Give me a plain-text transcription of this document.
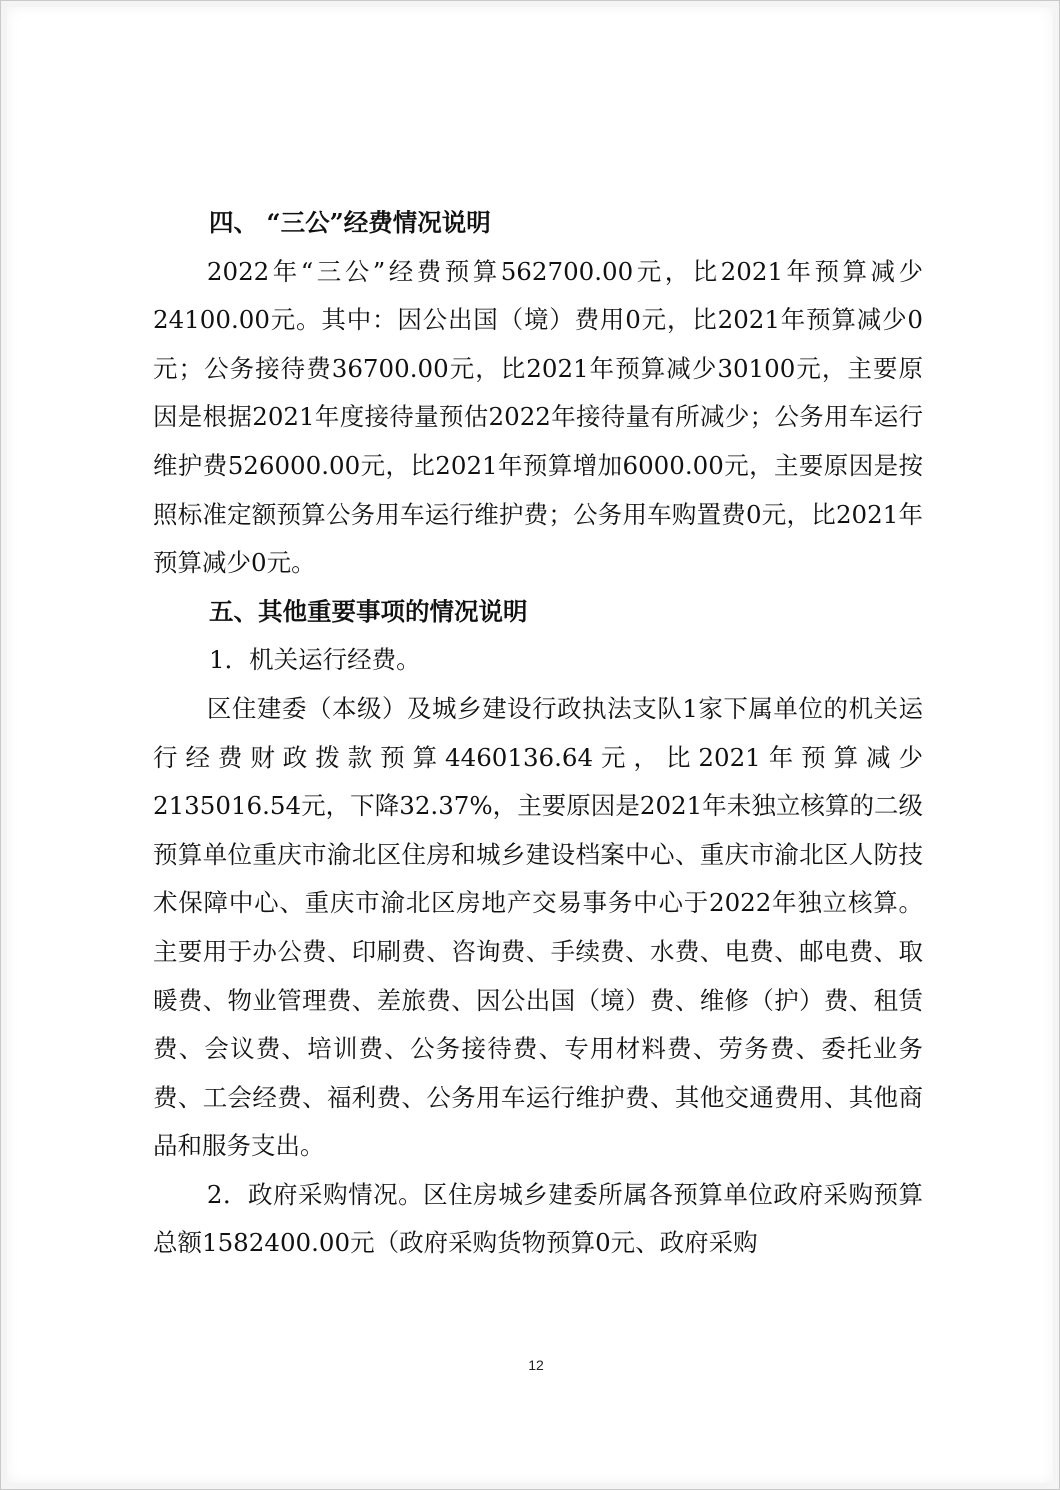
四、 “三公”经费情况说明

2022年“三公”经费预算562700.00元，比2021年预算减少24100.00元。其中：因公出国（境）费用0元，比2021年预算减少0元；公务接待费36700.00元，比2021年预算减少30100元，主要原因是根据2021年度接待量预估2022年接待量有所减少；公务用车运行维护费526000.00元，比2021年预算增加6000.00元，主要原因是按照标准定额预算公务用车运行维护费；公务用车购置费0元，比2021年预算减少0元。

五、其他重要事项的情况说明
1．机关运行经费。

区住建委（本级）及城乡建设行政执法支队1家下属单位的机关运行经费财政拨款预算4460136.64元，比2021年预算减少2135016.54元，下降32.37%，主要原因是2021年未独立核算的二级预算单位重庆市渝北区住房和城乡建设档案中心、重庆市渝北区人防技术保障中心、重庆市渝北区房地产交易事务中心于2022年独立核算。主要用于办公费、印刷费、咨询费、手续费、水费、电费、邮电费、取暖费、物业管理费、差旅费、因公出国（境）费、维修（护）费、租赁费、会议费、培训费、公务接待费、专用材料费、劳务费、委托业务费、工会经费、福利费、公务用车运行维护费、其他交通费用、其他商品和服务支出。

2．政府采购情况。区住房城乡建委所属各预算单位政府采购预算总额1582400.00元（政府采购货物预算0元、政府采购

12
